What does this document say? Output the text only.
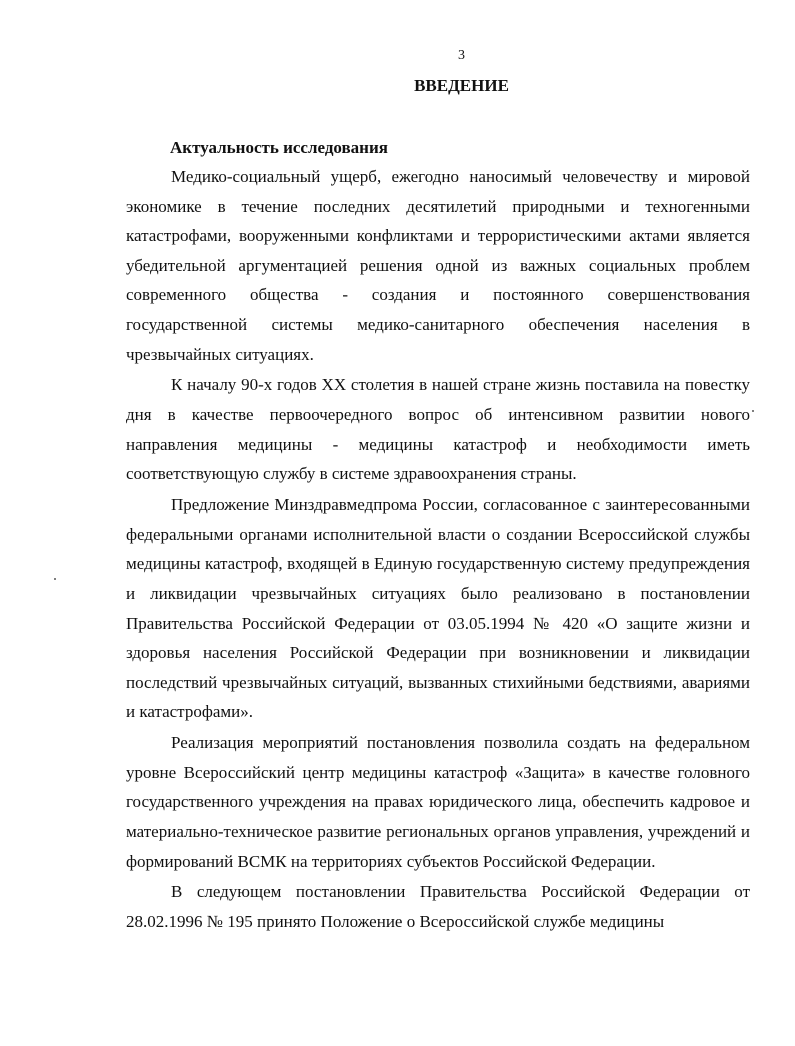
3
ВВЕДЕНИЕ
Актуальность исследования

Медико-социальный ущерб, ежегодно наносимый человечеству и мировой экономике в течение последних десятилетий природными и техногенными катастрофами, вооруженными конфликтами и террористическими актами является убедительной аргументацией решения одной из важных социальных проблем современного общества - создания и постоянного совершенствования государственной системы медико-санитарного обеспечения населения в чрезвычайных ситуациях.

К началу 90-х годов XX столетия в нашей стране жизнь поставила на повестку дня в качестве первоочередного вопрос об интенсивном развитии нового направления медицины - медицины катастроф и необходимости иметь соответствующую службу в системе здравоохранения страны.

Предложение Минздравмедпрома России, согласованное с заинтересованными федеральными органами исполнительной власти о создании Всероссийской службы медицины катастроф, входящей в Единую государственную систему предупреждения и ликвидации чрезвычайных ситуациях было реализовано в постановлении Правительства Российской Федерации от 03.05.1994 № 420 «О защите жизни и здоровья населения Российской Федерации при возникновении и ликвидации последствий чрезвычайных ситуаций, вызванных стихийными бедствиями, авариями и катастрофами».

Реализация мероприятий постановления позволила создать на федеральном уровне Всероссийский центр медицины катастроф «Защита» в качестве головного государственного учреждения на правах юридического лица, обеспечить кадровое и материально-техническое развитие региональных органов управления, учреждений и формирований ВСМК на территориях субъектов Российской Федерации.

В следующем постановлении Правительства Российской Федерации от 28.02.1996 № 195 принято Положение о Всероссийской службе медицины
